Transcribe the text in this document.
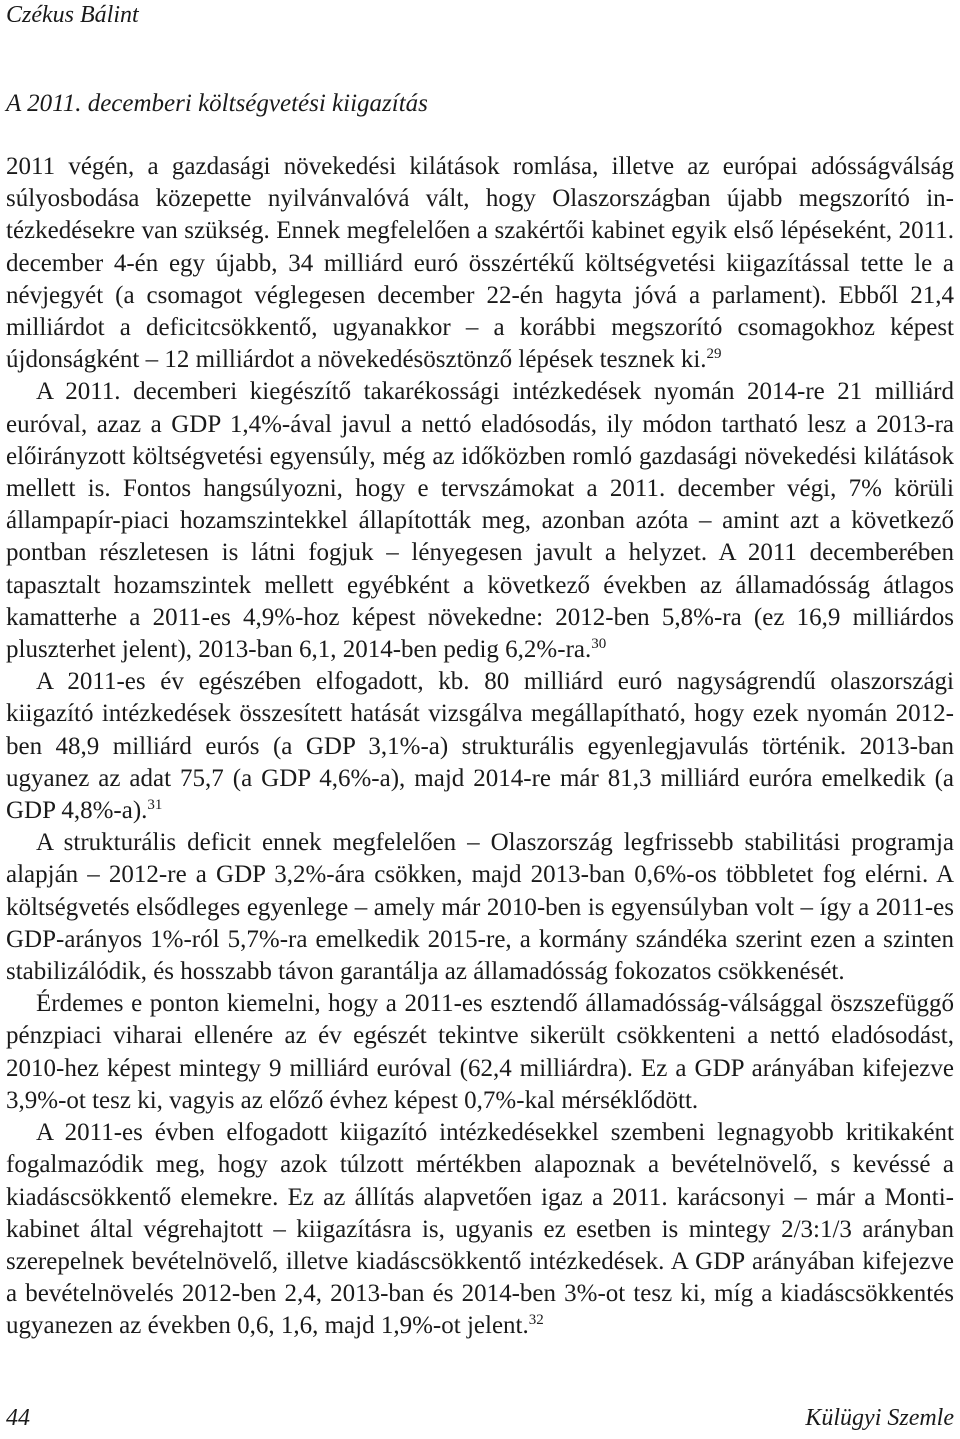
Czékus Bálint
A 2011. decemberi költségvetési kiigazítás

2011 végén, a gazdasági növekedési kilátások romlása, illetve az európai adósságválság súlyosbodása közepette nyilvánvalóvá vált, hogy Olaszországban újabb megszorító intézkedésekre van szükség. Ennek megfelelően a szakértői kabinet egyik első lépéseként, 2011. december 4-én egy újabb, 34 milliárd euró összértékű költségvetési kiigazítással tette le a névjegyét (a csomagot véglegesen december 22-én hagyta jóvá a parlament). Ebből 21,4 milliárdot a deficitcsökkentő, ugyanakkor – a korábbi megszorító csomagokhoz képest újdonságként – 12 milliárdot a növekedésösztönző lépések tesznek ki.$^{29}$

A 2011. decemberi kiegészítő takarékossági intézkedések nyomán 2014-re 21 milliárd euróval, azaz a GDP 1,4%-ával javul a nettó eladósodás, ily módon tartható lesz a 2013-ra előirányzott költségvetési egyensúly, még az időközben romló gazdasági növekedési kilátások mellett is. Fontos hangsúlyozni, hogy e tervszámokat a 2011. december végi, 7% körüli állampapír-piaci hozamszintekkel állapították meg, azonban azóta – amint azt a következő pontban részletesen is látni fogjuk – lényegesen javult a helyzet. A 2011 decemberében tapasztalt hozamszintek mellett egyébként a következő években az államadósság átlagos kamatterhe a 2011-es 4,9%-hoz képest növekedne: 2012-ben 5,8%-ra (ez 16,9 milliárdos pluszterhet jelent), 2013-ban 6,1, 2014-ben pedig 6,2%-ra.$^{30}$

A 2011-es év egészében elfogadott, kb. 80 milliárd euró nagyságrendű olaszországi kiigazító intézkedések összesített hatását vizsgálva megállapítható, hogy ezek nyomán 2012-ben 48,9 milliárd eurós (a GDP 3,1%-a) strukturális egyenlegjavulás történik. 2013-ban ugyanez az adat 75,7 (a GDP 4,6%-a), majd 2014-re már 81,3 milliárd euróra emelkedik (a GDP 4,8%-a).$^{31}$

A strukturális deficit ennek megfelelően – Olaszország legfrissebb stabilitási programja alapján – 2012-re a GDP 3,2%-ára csökken, majd 2013-ban 0,6%-os többletet fog elérni. A költségvetés elsődleges egyenlege – amely már 2010-ben is egyensúlyban volt – így a 2011-es GDP-arányos 1%-ról 5,7%-ra emelkedik 2015-re, a kormány szándéka szerint ezen a szinten stabilizálódik, és hosszabb távon garantálja az államadósság fokozatos csökkenését.

Érdemes e ponton kiemelni, hogy a 2011-es esztendő államadósság-válsággal öszszefüggő pénzpiaci viharai ellenére az év egészét tekintve sikerült csökkenteni a nettó eladósodást, 2010-hez képest mintegy 9 milliárd euróval (62,4 milliárdra). Ez a GDP arányában kifejezve 3,9%-ot tesz ki, vagyis az előző évhez képest 0,7%-kal mérséklődött.

A 2011-es évben elfogadott kiigazító intézkedésekkel szembeni legnagyobb kritikaként fogalmazódik meg, hogy azok túlzott mértékben alapoznak a bevételnövelő, s kevéssé a kiadáscsökkentő elemekre. Ez az állítás alapvetően igaz a 2011. karácsonyi – már a Monti-kabinet által végrehajtott – kiigazításra is, ugyanis ez esetben is mintegy 2/3:1/3 arányban szerepelnek bevételnövelő, illetve kiadáscsökkentő intézkedések. A GDP arányában kifejezve a bevételnövelés 2012-ben 2,4, 2013-ban és 2014-ben 3%-ot tesz ki, míg a kiadáscsökkentés ugyanezen az években 0,6, 1,6, majd 1,9%-ot jelent.$^{32}$

44	Külügyi Szemle
